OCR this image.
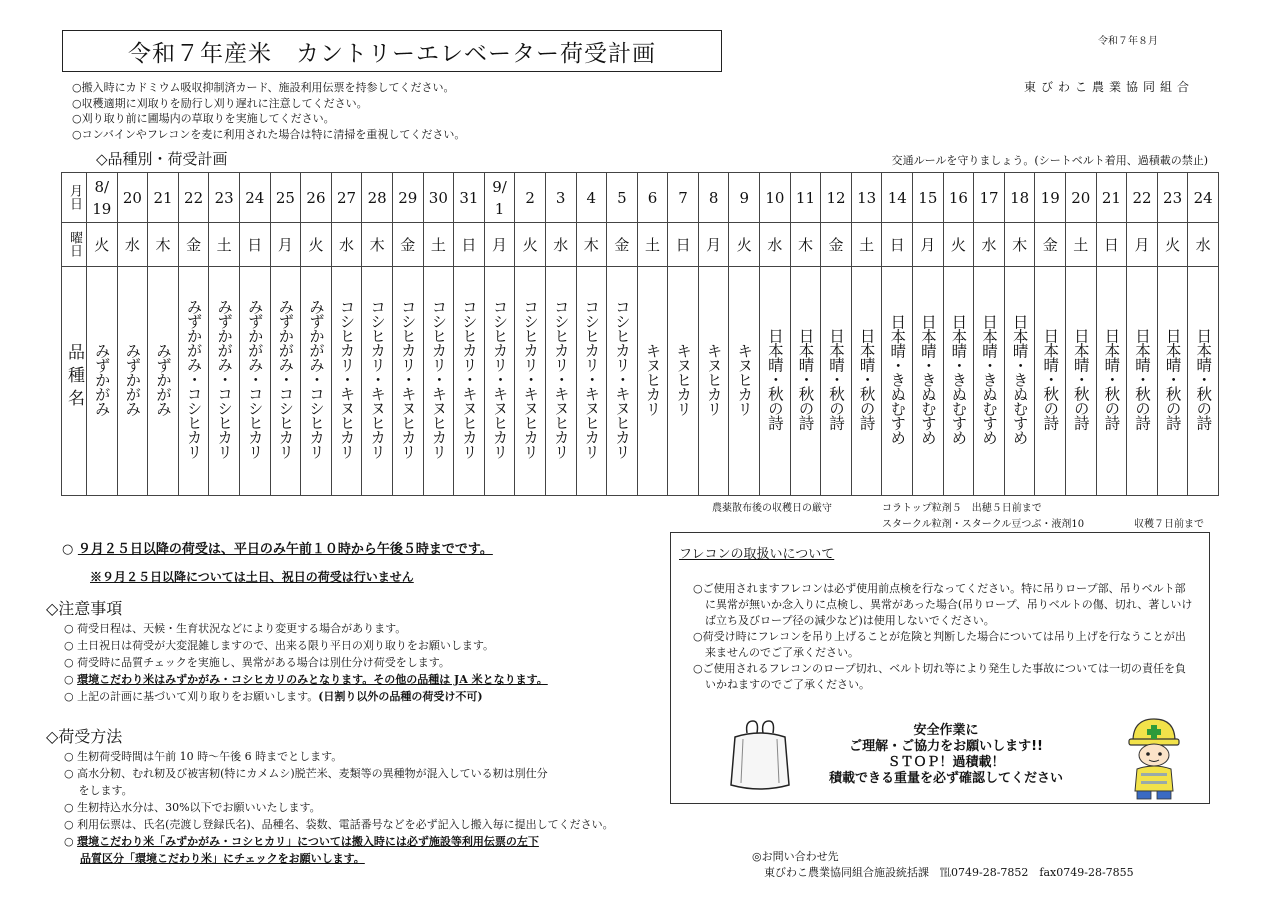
令和７年産米　カントリーエレベーター荷受計画	令和７年８月
東びわこ農業協同組合
○搬入時にカドミウム吸収抑制済カード、施設利用伝票を持参してください。
○収穫適期に刈取りを励行し刈り遅れに注意してください。
○刈り取り前に圃場内の草取りを実施してください。
○コンバインやフレコンを麦に利用された場合は特に清掃を重視してください。
◇品種別・荷受計画	交通ルールを守りましょう。(シートベルト着用、過積載の禁止)
月日	8/
19	20	21	22	23	24	25	26	27	28	29	30	31	9/
1	2	3	4	5	6	7	8	9	10	11	12	13	14	15	16	17	18	19	20	21	22	23	24
曜日	火	水	木	金	土	日	月	火	水	木	金	土	日	月	火	水	木	金	土	日	月	火	水	木	金	土	日	月	火	水	木	金	土	日	月	火	水
品種名	みずかがみ	みずかがみ	みずかがみ	みずかがみ・コシヒカリ	みずかがみ・コシヒカリ	みずかがみ・コシヒカリ	みずかがみ・コシヒカリ	みずかがみ・コシヒカリ	コシヒカリ・キヌヒカリ	コシヒカリ・キヌヒカリ	コシヒカリ・キヌヒカリ	コシヒカリ・キヌヒカリ	コシヒカリ・キヌヒカリ	コシヒカリ・キヌヒカリ	コシヒカリ・キヌヒカリ	コシヒカリ・キヌヒカリ	コシヒカリ・キヌヒカリ	コシヒカリ・キヌヒカリ	キヌヒカリ	キヌヒカリ	キヌヒカリ	キヌヒカリ	日本晴・秋の詩	日本晴・秋の詩	日本晴・秋の詩	日本晴・秋の詩	日本晴・きぬむすめ	日本晴・きぬむすめ	日本晴・きぬむすめ	日本晴・きぬむすめ	日本晴・きぬむすめ	日本晴・秋の詩	日本晴・秋の詩	日本晴・秋の詩	日本晴・秋の詩	日本晴・秋の詩	日本晴・秋の詩
農薬散布後の収穫日の厳守	コラトップ粒剤５　出穂５日前まで
スタークル粒剤・スタークル豆つぶ・液剤10	収穫７日前まで
○ ９月２５日以降の荷受は、平日のみ午前１０時から午後５時までです。
※９月２５日以降については土日、祝日の荷受は行いません
◇注意事項
○ 荷受日程は、天候・生育状況などにより変更する場合があります。
○ 土日祝日は荷受が大変混雑しますので、出来る限り平日の刈り取りをお願いします。
○ 荷受時に品質チェックを実施し、異常がある場合は別仕分け荷受をします。
○ 環境こだわり米はみずかがみ・コシヒカリのみとなります。その他の品種は JA 米となります。
○ 上記の計画に基づいて刈り取りをお願いします。(日割り以外の品種の荷受け不可)
◇荷受方法
○ 生籾荷受時間は午前 10 時～午後 6 時までとします。
○ 高水分籾、むれ籾及び被害籾(特にカメムシ)脱芒米、麦類等の異種物が混入している籾は別仕分
　 をします。
○ 生籾持込水分は、30%以下でお願いいたします。
○ 利用伝票は、氏名(売渡し登録氏名)、品種名、袋数、電話番号などを必ず記入し搬入毎に提出してください。
○ 環境こだわり米「みずかがみ・コシヒカリ」については搬入時には必ず施設等利用伝票の左下
品質区分「環境こだわり米」にチェックをお願いします。
フレコンの取扱いについて

○ご使用されますフレコンは必ず使用前点検を行なってください。特に吊りロープ部、吊りベルト部に異常が無いか念入りに点検し、異常があった場合(吊りロープ、吊りベルトの傷、切れ、著しいけば立ち及びロープ径の減少など)は使用しないでください。

○荷受け時にフレコンを吊り上げることが危険と判断した場合については吊り上げを行なうことが出来ませんのでご了承ください。

○ご使用されるフレコンのロープ切れ、ベルト切れ等により発生した事故については一切の責任を負いかねますのでご了承ください。

安全作業に
ご理解・ご協力をお願いします!!
ＳＴＯＰ！過積載！
積載できる重量を必ず確認してください
◎お問い合わせ先
東びわこ農業協同組合施設統括課　℡0749-28-7852　fax0749-28-7855
